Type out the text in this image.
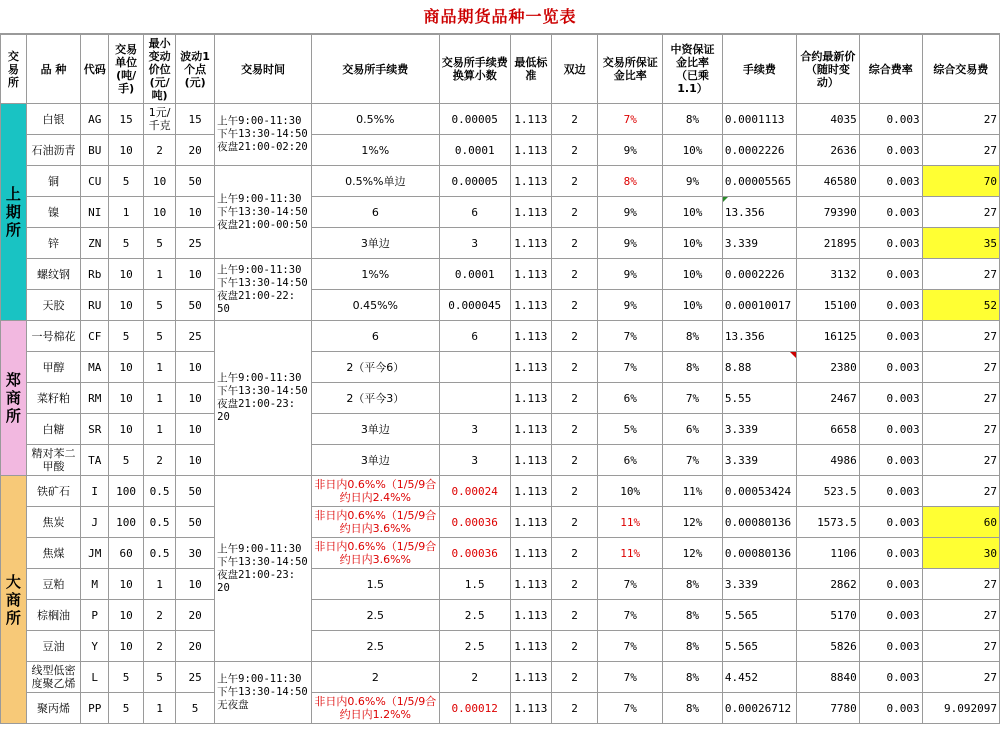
商品期货品种一览表
交易所	品 种	代码	交易单位(吨/手)	最小变动价位(元/吨)	波动1个点(元)	交易时间	交易所手续费	交易所手续费换算小数	最低标准	双边	交易所保证金比率	中资保证金比率（已乘1.1）	手续费	合约最新价（随时变动）	综合费率	综合交易费
上期所	白银	AG	15	1元/千克	15	上午9:00-11:30 下午13:30-14:50 夜盘21:00-02:20	0.5%%	0.00005	1.113	2	7%	8%	0.0001113	4035	0.003	27
	石油沥青	BU	10	2	20		1%%	0.0001	1.113	2	9%	10%	0.0002226	2636	0.003	27
	铜	CU	5	10	50	上午9:00-11:30 下午13:30-14:50 夜盘21:00-00:50	0.5%%单边	0.00005	1.113	2	8%	9%	0.00005565	46580	0.003	70
	镍	NI	1	10	10		6	6	1.113	2	9%	10%	13.356	79390	0.003	27
	锌	ZN	5	5	25		3单边	3	1.113	2	9%	10%	3.339	21895	0.003	35
	螺纹钢	Rb	10	1	10	上午9:00-11:30 下午13:30-14:50 夜盘21:00-22: 50	1%%	0.0001	1.113	2	9%	10%	0.0002226	3132	0.003	27
	天胶	RU	10	5	50		0.45%%	0.000045	1.113	2	9%	10%	0.00010017	15100	0.003	52
郑商所	一号棉花	CF	5	5	25	上午9:00-11:30 下午13:30-14:50 夜盘21:00-23: 20	6	6	1.113	2	7%	8%	13.356	16125	0.003	27
	甲醇	MA	10	1	10		2（平今6）		1.113	2	7%	8%	8.88	2380	0.003	27
	菜籽粕	RM	10	1	10		2（平今3）		1.113	2	6%	7%	5.55	2467	0.003	27
	白糖	SR	10	1	10		3单边	3	1.113	2	5%	6%	3.339	6658	0.003	27
	精对苯二甲酸	TA	5	2	10		3单边	3	1.113	2	6%	7%	3.339	4986	0.003	27
大商所	铁矿石	I	100	0.5	50	上午9:00-11:30 下午13:30-14:50 夜盘21:00-23: 20	非日内0.6%%（1/5/9合约日内2.4%%	0.00024	1.113	2	10%	11%	0.00053424	523.5	0.003	27
	焦炭	J	100	0.5	50		非日内0.6%%（1/5/9合约日内3.6%%	0.00036	1.113	2	11%	12%	0.00080136	1573.5	0.003	60
	焦煤	JM	60	0.5	30		非日内0.6%%（1/5/9合约日内3.6%%	0.00036	1.113	2	11%	12%	0.00080136	1106	0.003	30
	豆粕	M	10	1	10		1.5	1.5	1.113	2	7%	8%	3.339	2862	0.003	27
	棕榈油	P	10	2	20		2.5	2.5	1.113	2	7%	8%	5.565	5170	0.003	27
	豆油	Y	10	2	20		2.5	2.5	1.113	2	7%	8%	5.565	5826	0.003	27
	线型低密度聚乙烯	L	5	5	25	上午9:00-11:30 下午13:30-14:50 无夜盘	2	2	1.113	2	7%	8%	4.452	8840	0.003	27
	聚丙烯	PP	5	1	5		非日内0.6%%（1/5/9合约日内1.2%%	0.00012	1.113	2	7%	8%	0.00026712	7780	0.003	9.092097
